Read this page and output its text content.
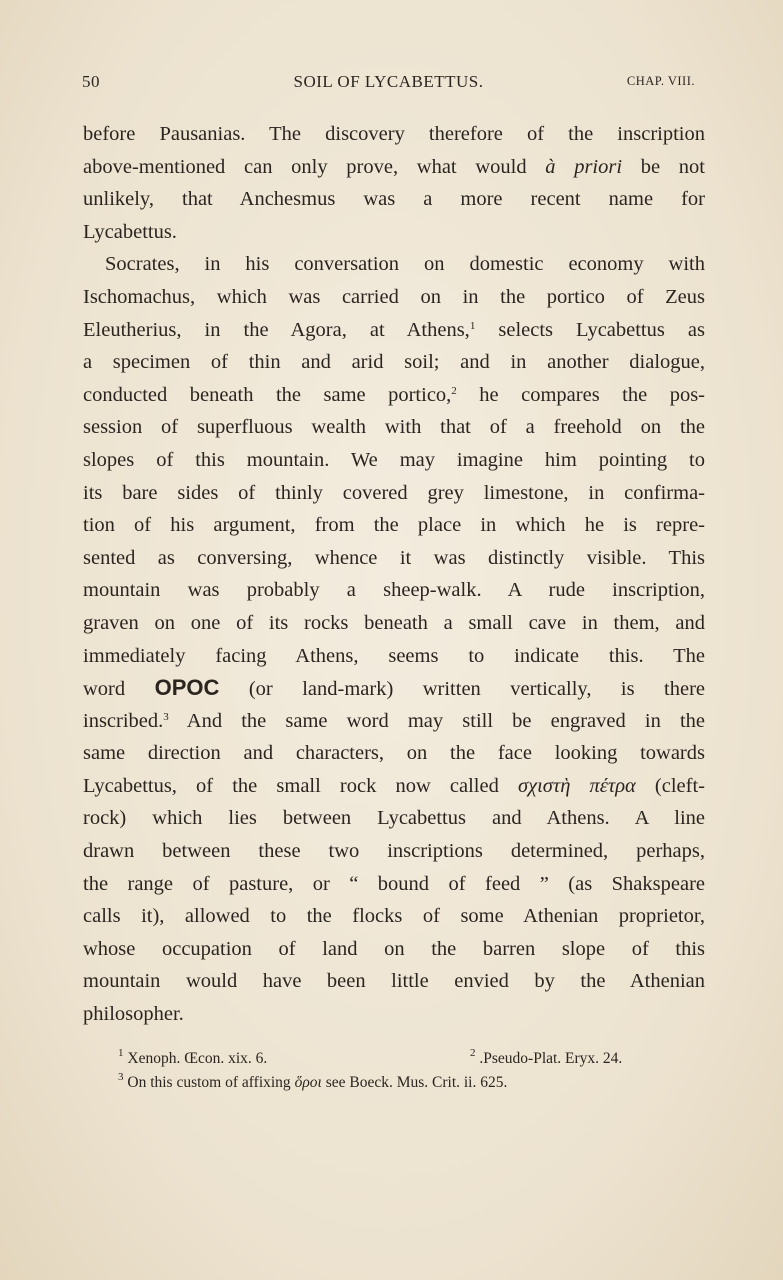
50	SOIL OF LYCABETTUS.	CHAP. VIII.
before Pausanias. The discovery therefore of the inscription
above-mentioned can only prove, what would à priori be not
unlikely, that Anchesmus was a more recent name for
Lycabettus.
Socrates, in his conversation on domestic economy with
Ischomachus, which was carried on in the portico of Zeus
Eleutherius, in the Agora, at Athens,$^1$ selects Lycabettus as
a specimen of thin and arid soil; and in another dialogue,
conducted beneath the same portico,$^2$ he compares the pos-
session of superfluous wealth with that of a freehold on the
slopes of this mountain. We may imagine him pointing to
its bare sides of thinly covered grey limestone, in confirma-
tion of his argument, from the place in which he is repre-
sented as conversing, whence it was distinctly visible. This
mountain was probably a sheep-walk. A rude inscription,
graven on one of its rocks beneath a small cave in them, and
immediately facing Athens, seems to indicate this. The
word OPOC (or land-mark) written vertically, is there
inscribed.$^3$ And the same word may still be engraved in the
same direction and characters, on the face looking towards
Lycabettus, of the small rock now called σχιστὴ πέτρα (cleft-
rock) which lies between Lycabettus and Athens. A line
drawn between these two inscriptions determined, perhaps,
the range of pasture, or “ bound of feed ” (as Shakspeare
calls it), allowed to the flocks of some Athenian proprietor,
whose occupation of land on the barren slope of this
mountain would have been little envied by the Athenian
philosopher.
$^1$ Xenoph. Œcon. xix. 6.	$^2$ .Pseudo-Plat. Eryx. 24.
$^3$ On this custom of affixing ὅροι see Boeck. Mus. Crit. ii. 625.
